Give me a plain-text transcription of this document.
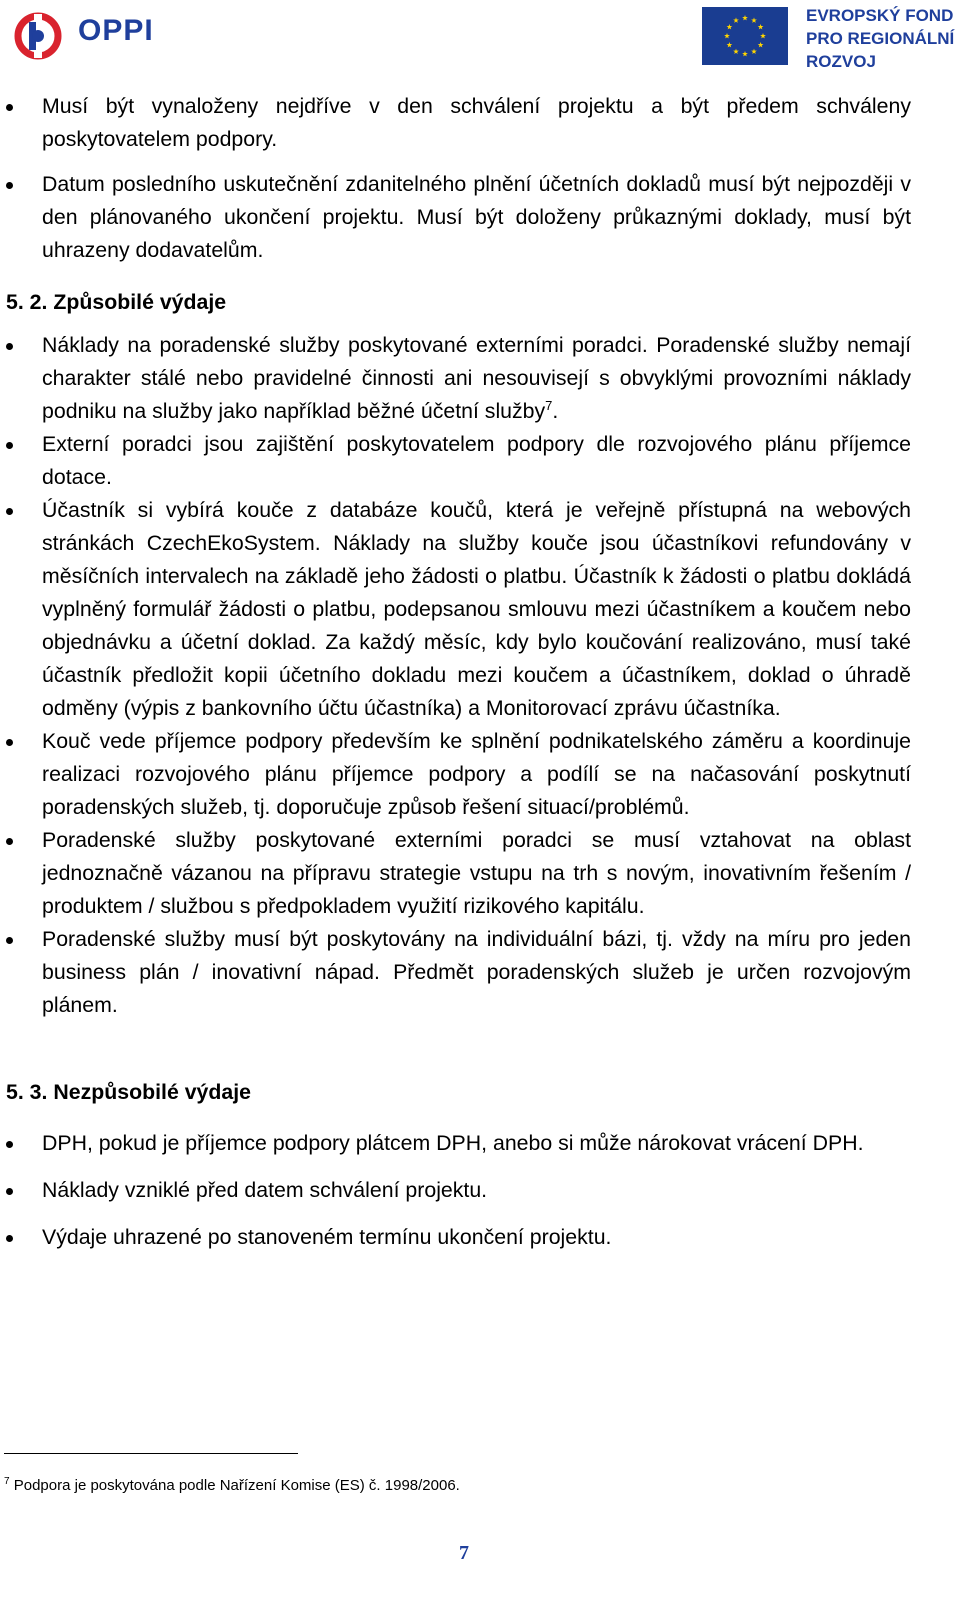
OPPI	EVROPSKÝ FOND
PRO REGIONÁLNÍ
ROZVOJ
Musí být vynaloženy nejdříve v den schválení projektu a být předem schváleny poskytovatelem podpory.
Datum posledního uskutečnění zdanitelného plnění účetních dokladů musí být nejpozději v den plánovaného ukončení projektu. Musí být doloženy průkaznými doklady, musí být uhrazeny dodavatelům.

5. 2. Způsobilé výdaje

Náklady na poradenské služby poskytované externími poradci. Poradenské služby nemají charakter stálé nebo pravidelné činnosti ani nesouvisejí s obvyklými provozními náklady podniku na služby jako například běžné účetní služby$^7$.
Externí poradci jsou zajištění poskytovatelem podpory dle rozvojového plánu příjemce dotace.
Účastník si vybírá kouče z databáze koučů, která je veřejně přístupná na webových stránkách CzechEkoSystem. Náklady na služby kouče jsou účastníkovi refundovány v měsíčních intervalech na základě jeho žádosti o platbu. Účastník k žádosti o platbu dokládá vyplněný formulář žádosti o platbu, podepsanou smlouvu mezi účastníkem a koučem nebo objednávku a účetní doklad. Za každý měsíc, kdy bylo koučování realizováno, musí také účastník předložit kopii účetního dokladu mezi koučem a účastníkem, doklad o úhradě odměny (výpis z bankovního účtu účastníka) a Monitorovací zprávu účastníka.
Kouč vede příjemce podpory především ke splnění podnikatelského záměru a koordinuje realizaci rozvojového plánu příjemce podpory a podílí se na načasování poskytnutí poradenských služeb, tj. doporučuje způsob řešení situací/problémů.
Poradenské služby poskytované externími poradci se musí vztahovat na oblast jednoznačně vázanou na přípravu strategie vstupu na trh s novým, inovativním řešením / produktem / službou s předpokladem využití rizikového kapitálu.
Poradenské služby musí být poskytovány na individuální bázi, tj. vždy na míru pro jeden business plán / inovativní nápad. Předmět poradenských služeb je určen rozvojovým plánem.

5. 3. Nezpůsobilé výdaje

DPH, pokud je příjemce podpory plátcem DPH, anebo si může nárokovat vrácení DPH.
Náklady vzniklé před datem schválení projektu.
Výdaje uhrazené po stanoveném termínu ukončení projektu.
$^7$ Podpora je poskytována podle Nařízení Komise (ES) č. 1998/2006.
7
